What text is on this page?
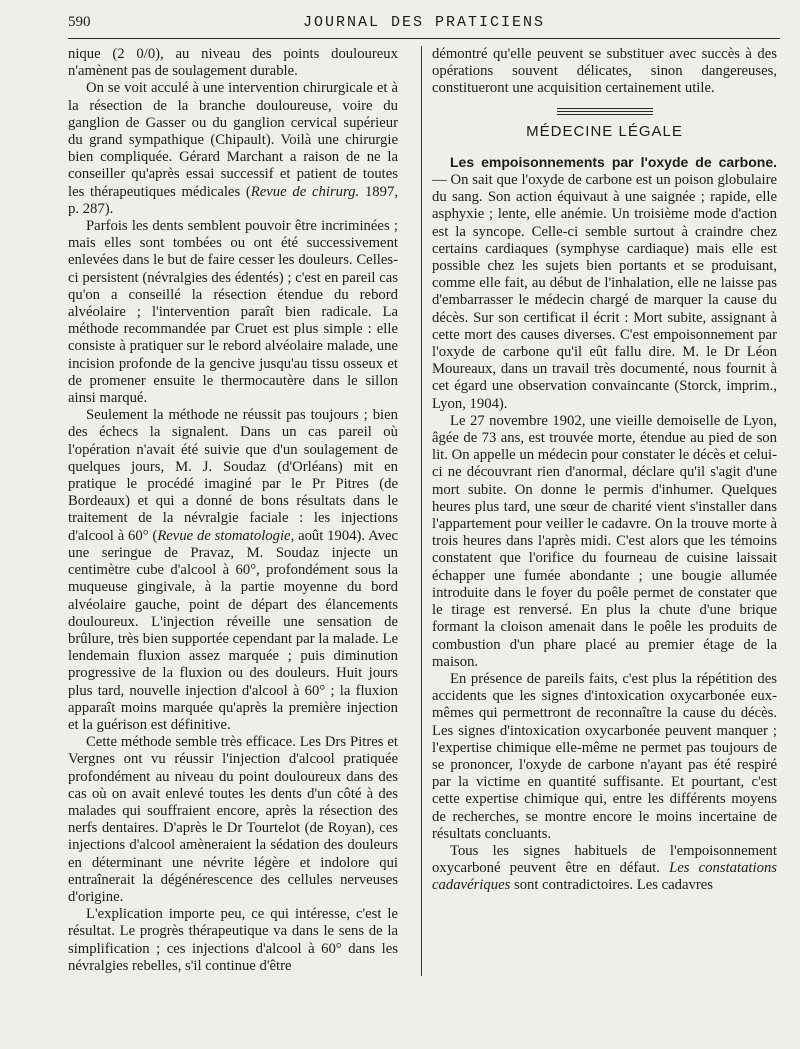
590	JOURNAL DES PRATICIENS

nique (2 0/0), au niveau des points douloureux n'amènent pas de soulagement durable.

On se voit acculé à une intervention chirurgicale et à la résection de la branche douloureuse, voire du ganglion de Gasser ou du ganglion cervical supérieur du grand sympathique (Chipault). Voilà une chirurgie bien compliquée. Gérard Marchant a raison de ne la conseiller qu'après essai successif et patient de toutes les thérapeutiques médicales (Revue de chirurg. 1897, p. 287).

Parfois les dents semblent pouvoir être incriminées ; mais elles sont tombées ou ont été successivement enlevées dans le but de faire cesser les douleurs. Celles-ci persistent (névralgies des édentés) ; c'est en pareil cas qu'on a conseillé la résection étendue du rebord alvéolaire ; l'intervention paraît bien radicale. La méthode recommandée par Cruet est plus simple : elle consiste à pratiquer sur le rebord alvéolaire malade, une incision profonde de la gencive jusqu'au tissu osseux et de promener ensuite le thermocautère dans le sillon ainsi marqué.

Seulement la méthode ne réussit pas toujours ; bien des échecs la signalent. Dans un cas pareil où l'opération n'avait été suivie que d'un soulagement de quelques jours, M. J. Soudaz (d'Orléans) mit en pratique le procédé imaginé par le Pr Pitres (de Bordeaux) et qui a donné de bons résultats dans le traitement de la névralgie faciale : les injections d'alcool à 60° (Revue de stomatologie, août 1904). Avec une seringue de Pravaz, M. Soudaz injecte un centimètre cube d'alcool à 60°, profondément sous la muqueuse gingivale, à la partie moyenne du bord alvéolaire gauche, point de départ des élancements douloureux. L'injection réveille une sensation de brûlure, très bien supportée cependant par la malade. Le lendemain fluxion assez marquée ; puis diminution progressive de la fluxion ou des douleurs. Huit jours plus tard, nouvelle injection d'alcool à 60° ; la fluxion apparaît moins marquée qu'après la première injection et la guérison est définitive.

Cette méthode semble très efficace. Les Drs Pitres et Vergnes ont vu réussir l'injection d'alcool pratiquée profondément au niveau du point douloureux dans des cas où on avait enlevé toutes les dents d'un côté à des malades qui souffraient encore, après la résection des nerfs dentaires. D'après le Dr Tourtelot (de Royan), ces injections d'alcool amèneraient la sédation des douleurs en déterminant une névrite légère et indolore qui entraînerait la dégénérescence des cellules nerveuses d'origine.

L'explication importe peu, ce qui intéresse, c'est le résultat. Le progrès thérapeutique va dans le sens de la simplification ; ces injections d'alcool à 60° dans les névralgies rebelles, s'il continue d'être

démontré qu'elle peuvent se substituer avec succès à des opérations souvent délicates, sinon dangereuses, constitueront une acquisition certainement utile.

MÉDECINE LÉGALE

Les empoisonnements par l'oxyde de carbone. — On sait que l'oxyde de carbone est un poison globulaire du sang. Son action équivaut à une saignée ; rapide, elle asphyxie ; lente, elle anémie. Un troisième mode d'action est la syncope. Celle-ci semble surtout à craindre chez certains cardiaques (symphyse cardiaque) mais elle est possible chez les sujets bien portants et se produisant, comme elle fait, au début de l'inhalation, elle ne laisse pas d'embarrasser le médecin chargé de marquer la cause du décès. Sur son certificat il écrit : Mort subite, assignant à cette mort des causes diverses. C'est empoisonnement par l'oxyde de carbone qu'il eût fallu dire. M. le Dr Léon Moureaux, dans un travail très documenté, nous fournit à cet égard une observation convaincante (Storck, imprim., Lyon, 1904).

Le 27 novembre 1902, une vieille demoiselle de Lyon, âgée de 73 ans, est trouvée morte, étendue au pied de son lit. On appelle un médecin pour constater le décès et celui-ci ne découvrant rien d'anormal, déclare qu'il s'agit d'une mort subite. On donne le permis d'inhumer. Quelques heures plus tard, une sœur de charité vient s'installer dans l'appartement pour veiller le cadavre. On la trouve morte à trois heures dans l'après midi. C'est alors que les témoins constatent que l'orifice du fourneau de cuisine laissait échapper une fumée abondante ; une bougie allumée introduite dans le foyer du poêle permet de constater que le tirage est renversé. En plus la chute d'une brique formant la cloison amenait dans le poêle les produits de combustion d'un phare placé au premier étage de la maison.

En présence de pareils faits, c'est plus la répétition des accidents que les signes d'intoxication oxycarbonée eux-mêmes qui permettront de reconnaître la cause du décès. Les signes d'intoxication oxycarbonée peuvent manquer ; l'expertise chimique elle-même ne permet pas toujours de se prononcer, l'oxyde de carbone n'ayant pas été respiré par la victime en quantité suffisante. Et pourtant, c'est cette expertise chimique qui, entre les différents moyens de recherches, se montre encore le moins incertaine de résultats concluants.

Tous les signes habituels de l'empoisonnement oxycarboné peuvent être en défaut. Les constatations cadavériques sont contradictoires. Les cadavres
